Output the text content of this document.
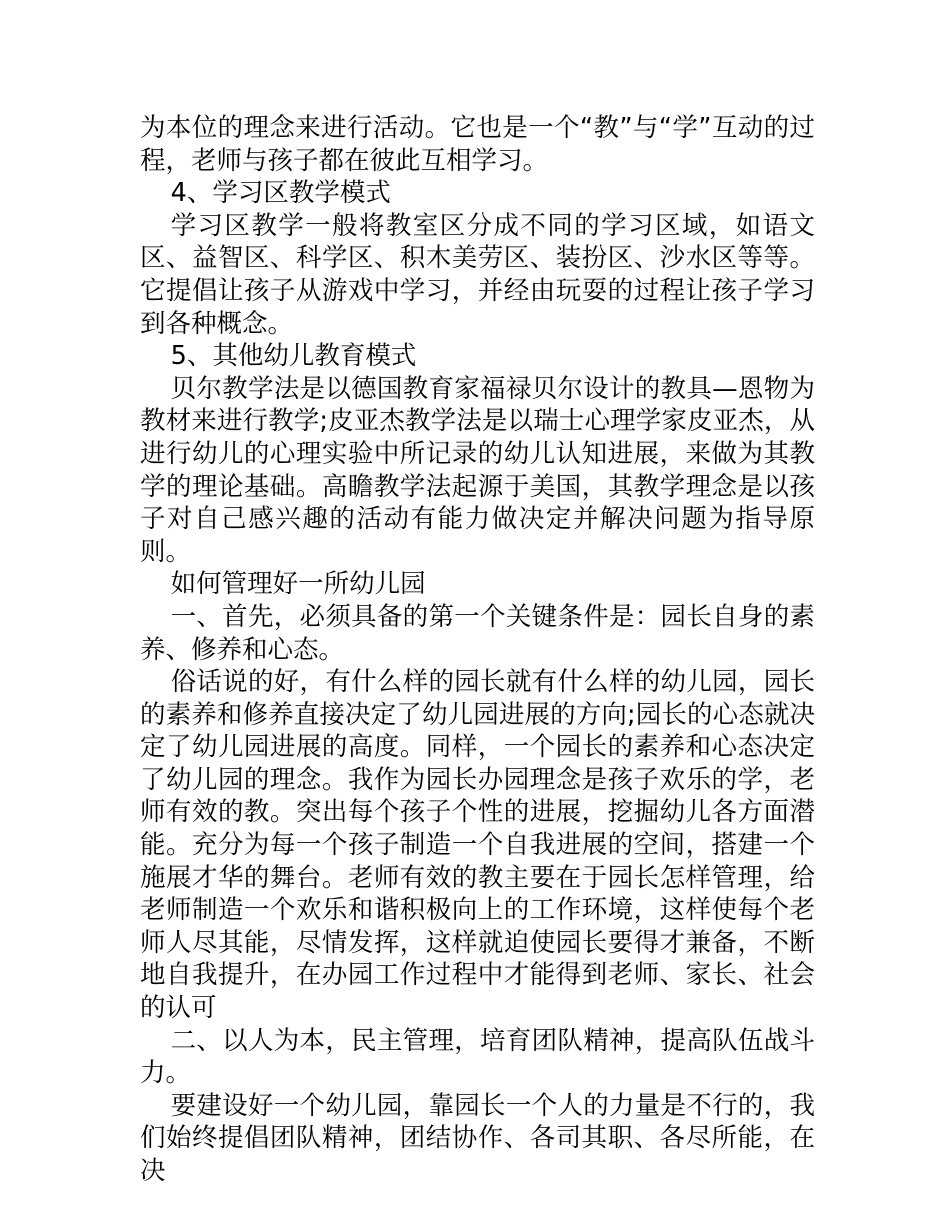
为本位的理念来进行活动。它也是一个“教”与“学”互动的过程，老师与孩子都在彼此互相学习。

4、学习区教学模式

学习区教学一般将教室区分成不同的学习区域，如语文区、益智区、科学区、积木美劳区、装扮区、沙水区等等。它提倡让孩子从游戏中学习，并经由玩耍的过程让孩子学习到各种概念。

5、其他幼儿教育模式

贝尔教学法是以德国教育家福禄贝尔设计的教具—恩物为教材来进行教学;皮亚杰教学法是以瑞士心理学家皮亚杰，从进行幼儿的心理实验中所记录的幼儿认知进展，来做为其教学的理论基础。高瞻教学法起源于美国，其教学理念是以孩子对自己感兴趣的活动有能力做决定并解决问题为指导原则。

如何管理好一所幼儿园

一、首先，必须具备的第一个关键条件是：园长自身的素养、修养和心态。

俗话说的好，有什么样的园长就有什么样的幼儿园，园长的素养和修养直接决定了幼儿园进展的方向;园长的心态就决定了幼儿园进展的高度。同样，一个园长的素养和心态决定了幼儿园的理念。我作为园长办园理念是孩子欢乐的学，老师有效的教。突出每个孩子个性的进展，挖掘幼儿各方面潜能。充分为每一个孩子制造一个自我进展的空间，搭建一个施展才华的舞台。老师有效的教主要在于园长怎样管理，给老师制造一个欢乐和谐积极向上的工作环境，这样使每个老师人尽其能，尽情发挥，这样就迫使园长要得才兼备，不断地自我提升，在办园工作过程中才能得到老师、家长、社会的认可

二、以人为本，民主管理，培育团队精神，提高队伍战斗力。

要建设好一个幼儿园，靠园长一个人的力量是不行的，我们始终提倡团队精神，团结协作、各司其职、各尽所能，在决
